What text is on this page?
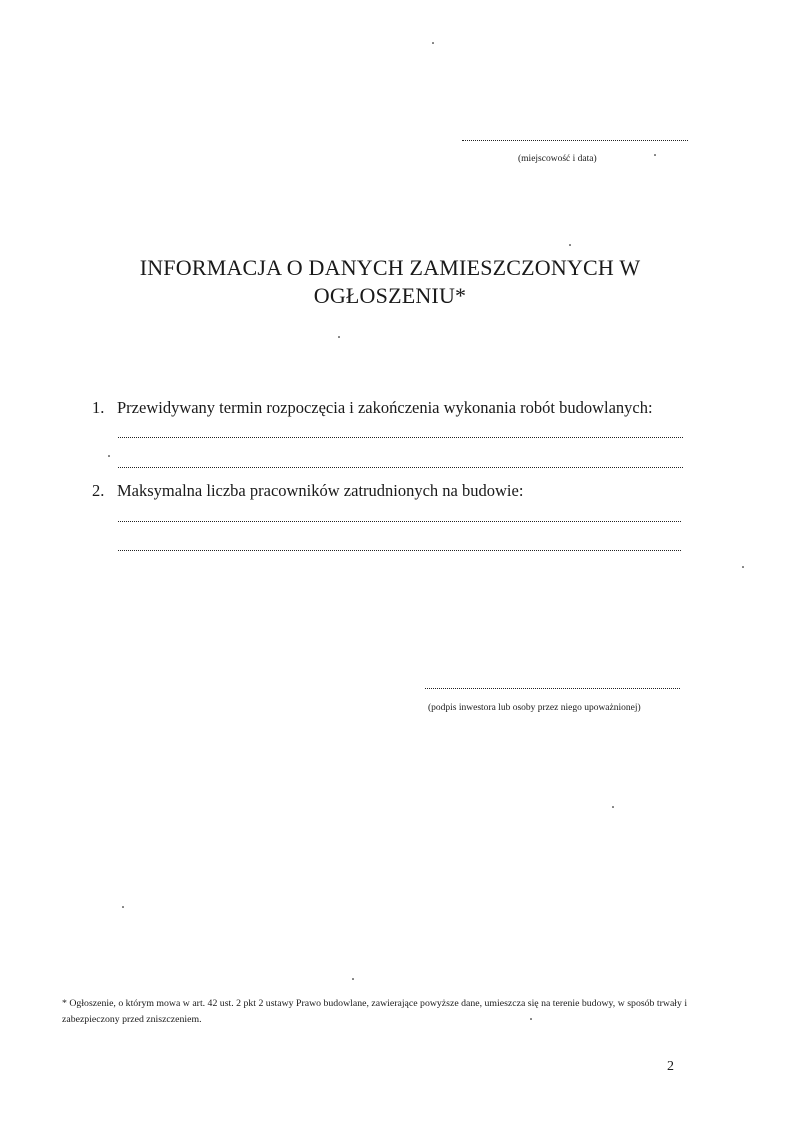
(miejscowość i data)
INFORMACJA O DANYCH ZAMIESZCZONYCH W
OGŁOSZENIU*
1. Przewidywany termin rozpoczęcia i zakończenia wykonania robót budowlanych:
2. Maksymalna liczba pracowników zatrudnionych na budowie:
(podpis inwestora lub osoby przez niego upoważnionej)
* Ogłoszenie, o którym mowa w art. 42 ust. 2 pkt 2 ustawy Prawo budowlane, zawierające powyższe dane, umieszcza się na terenie budowy, w sposób trwały i zabezpieczony przed zniszczeniem.
2
